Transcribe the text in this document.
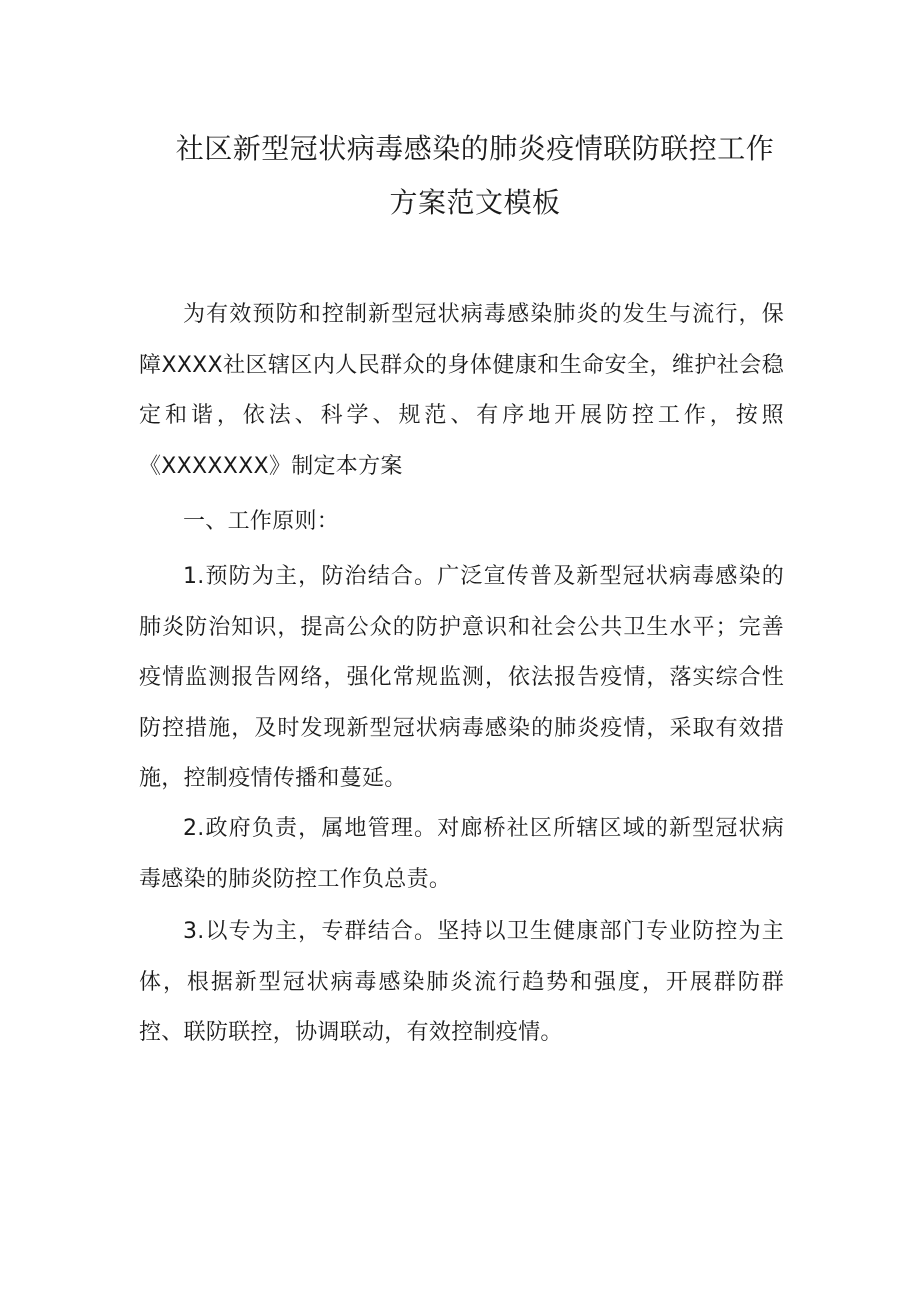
社区新型冠状病毒感染的肺炎疫情联防联控工作
方案范文模板

为有效预防和控制新型冠状病毒感染肺炎的发生与流行，保障XXXX社区辖区内人民群众的身体健康和生命安全，维护社会稳定和谐，依法、科学、规范、有序地开展防控工作，按照《XXXXXXX》制定本方案

一、工作原则：

1.预防为主，防治结合。广泛宣传普及新型冠状病毒感染的肺炎防治知识，提高公众的防护意识和社会公共卫生水平；完善疫情监测报告网络，强化常规监测，依法报告疫情，落实综合性防控措施，及时发现新型冠状病毒感染的肺炎疫情，采取有效措施，控制疫情传播和蔓延。

2.政府负责，属地管理。对廊桥社区所辖区域的新型冠状病毒感染的肺炎防控工作负总责。

3.以专为主，专群结合。坚持以卫生健康部门专业防控为主体，根据新型冠状病毒感染肺炎流行趋势和强度，开展群防群控、联防联控，协调联动，有效控制疫情。
